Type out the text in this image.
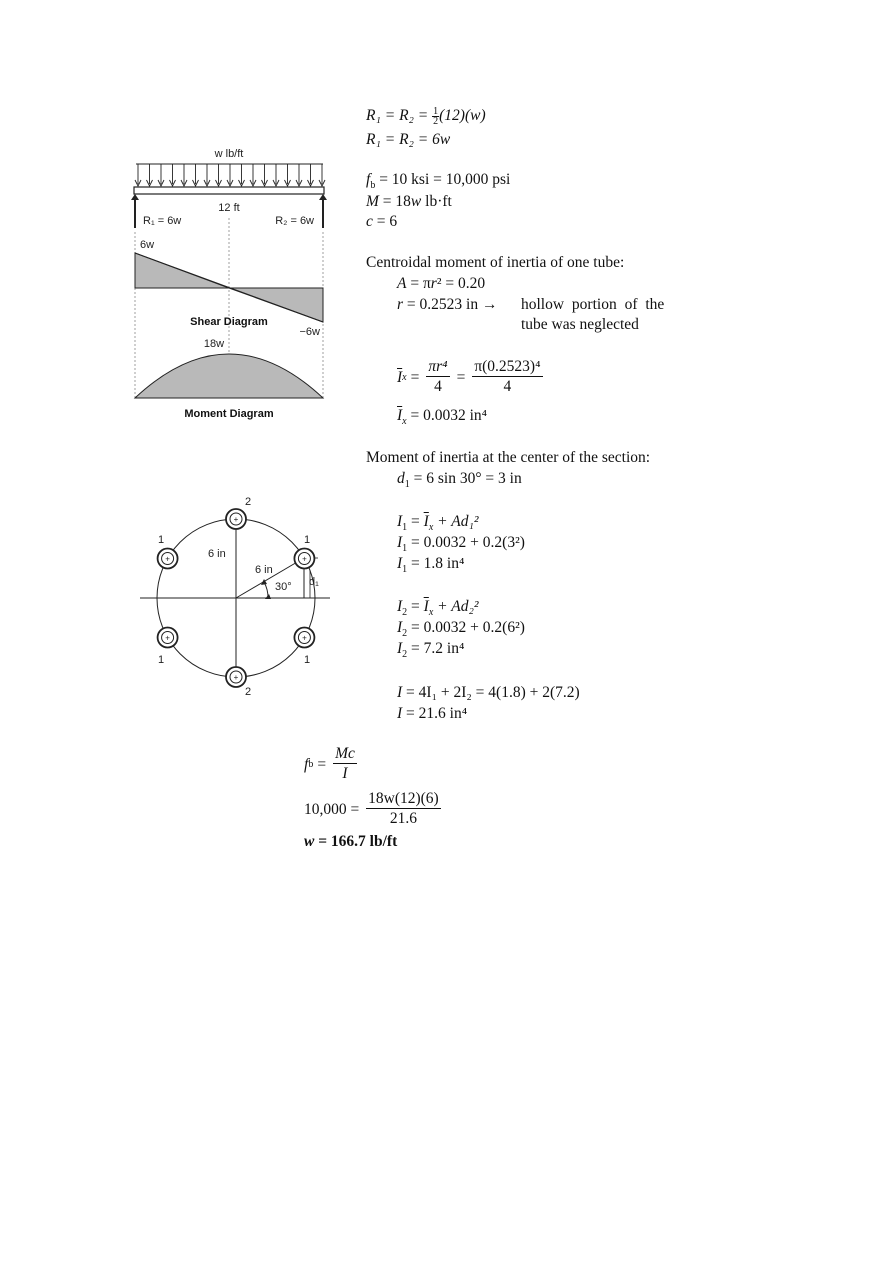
w lb/ft
12 ft
R₁ = 6w	R₂ = 6w
6w
−6w
Shear Diagram
18w
Moment Diagram
+
+
+
+
+
+
2
2
1	1
1	1
6 in
6 in
30° d₁
$R_1 = R_2 = \frac{1}{2} (12)(w)$
R₁ = R₂ = 6w
$f_b = 10$ ksi = 10,000 psi
M = 18w lb·ft
c = 6
Centroidal moment of inertia of one tube:
A = πr² = 0.20
r = 0.2523 in → hollow portion of the
tube was neglected
$\overline{I}$ $x = \frac{\text{πr⁴}}{4} = \frac{\text{π(0.2523)⁴}}{4}$
$\overline{I}_x = 0.0032$ in⁴
Moment of inertia at the center of the section:
$d_1 = 6$ sin 30° = 3 in
$I_1 = \overline{I}_x + Ad_1^2$
$I_1 = 0.0032 + 0.2(3^2)$
$I_1 = 1.8$ in⁴
$I_2 = \overline{I}_x + Ad_2^2$
$I_2 = 0.0032 + 0.2(6^2)$
$I_2 = 7.2$ in⁴
I = 4I₁ + 2I₂ = 4(1.8) + 2(7.2)
I = 21.6 in⁴
f $b = \frac{Mc}{I}$
$10,000 = \frac{18w(12)(6)}{21.6}$
w = 166.7 lb/ft
